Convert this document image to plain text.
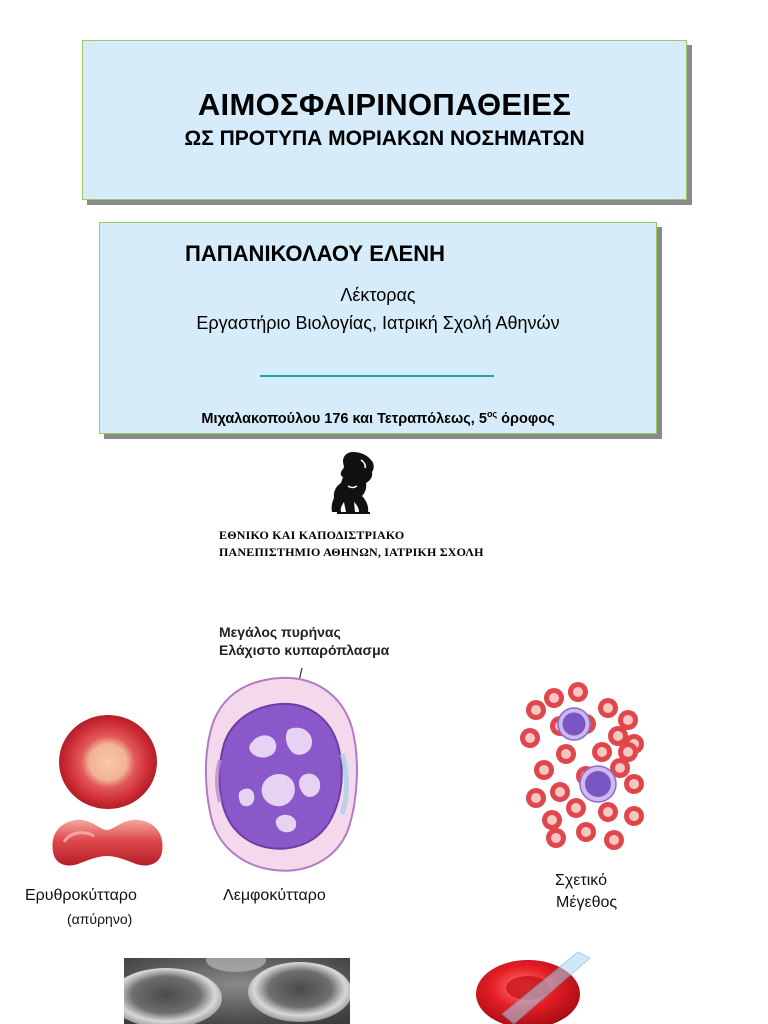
ΑΙΜΟΣΦΑΙΡΙΝΟΠΑΘΕΙΕΣ
ΩΣ ΠΡΟΤΥΠΑ ΜΟΡΙΑΚΩΝ ΝΟΣΗΜΑΤΩΝ
ΠΑΠΑΝΙΚΟΛΑΟΥ ΕΛΕΝΗ
Λέκτορας
Εργαστήριο Βιολογίας, Ιατρική Σχολή Αθηνών
Μιχαλακοπούλου 176 και Τετραπόλεως, $5^{o\varsigma}$ όροφος
ΕΘΝΙΚΟ ΚΑΙ ΚΑΠΟΔΙΣΤΡΙΑΚΟ
ΠΑΝΕΠΙΣΤΗΜΙΟ ΑΘΗΝΩΝ, ΙΑΤΡΙΚΗ ΣΧΟΛΗ
Μεγάλος πυρήνας
Ελάχιστο κυπαρόπλασμα
Ερυθροκύτταρο
(απύρηνο)
Λεμφοκύτταρο
Σχετικό
Μέγεθος
